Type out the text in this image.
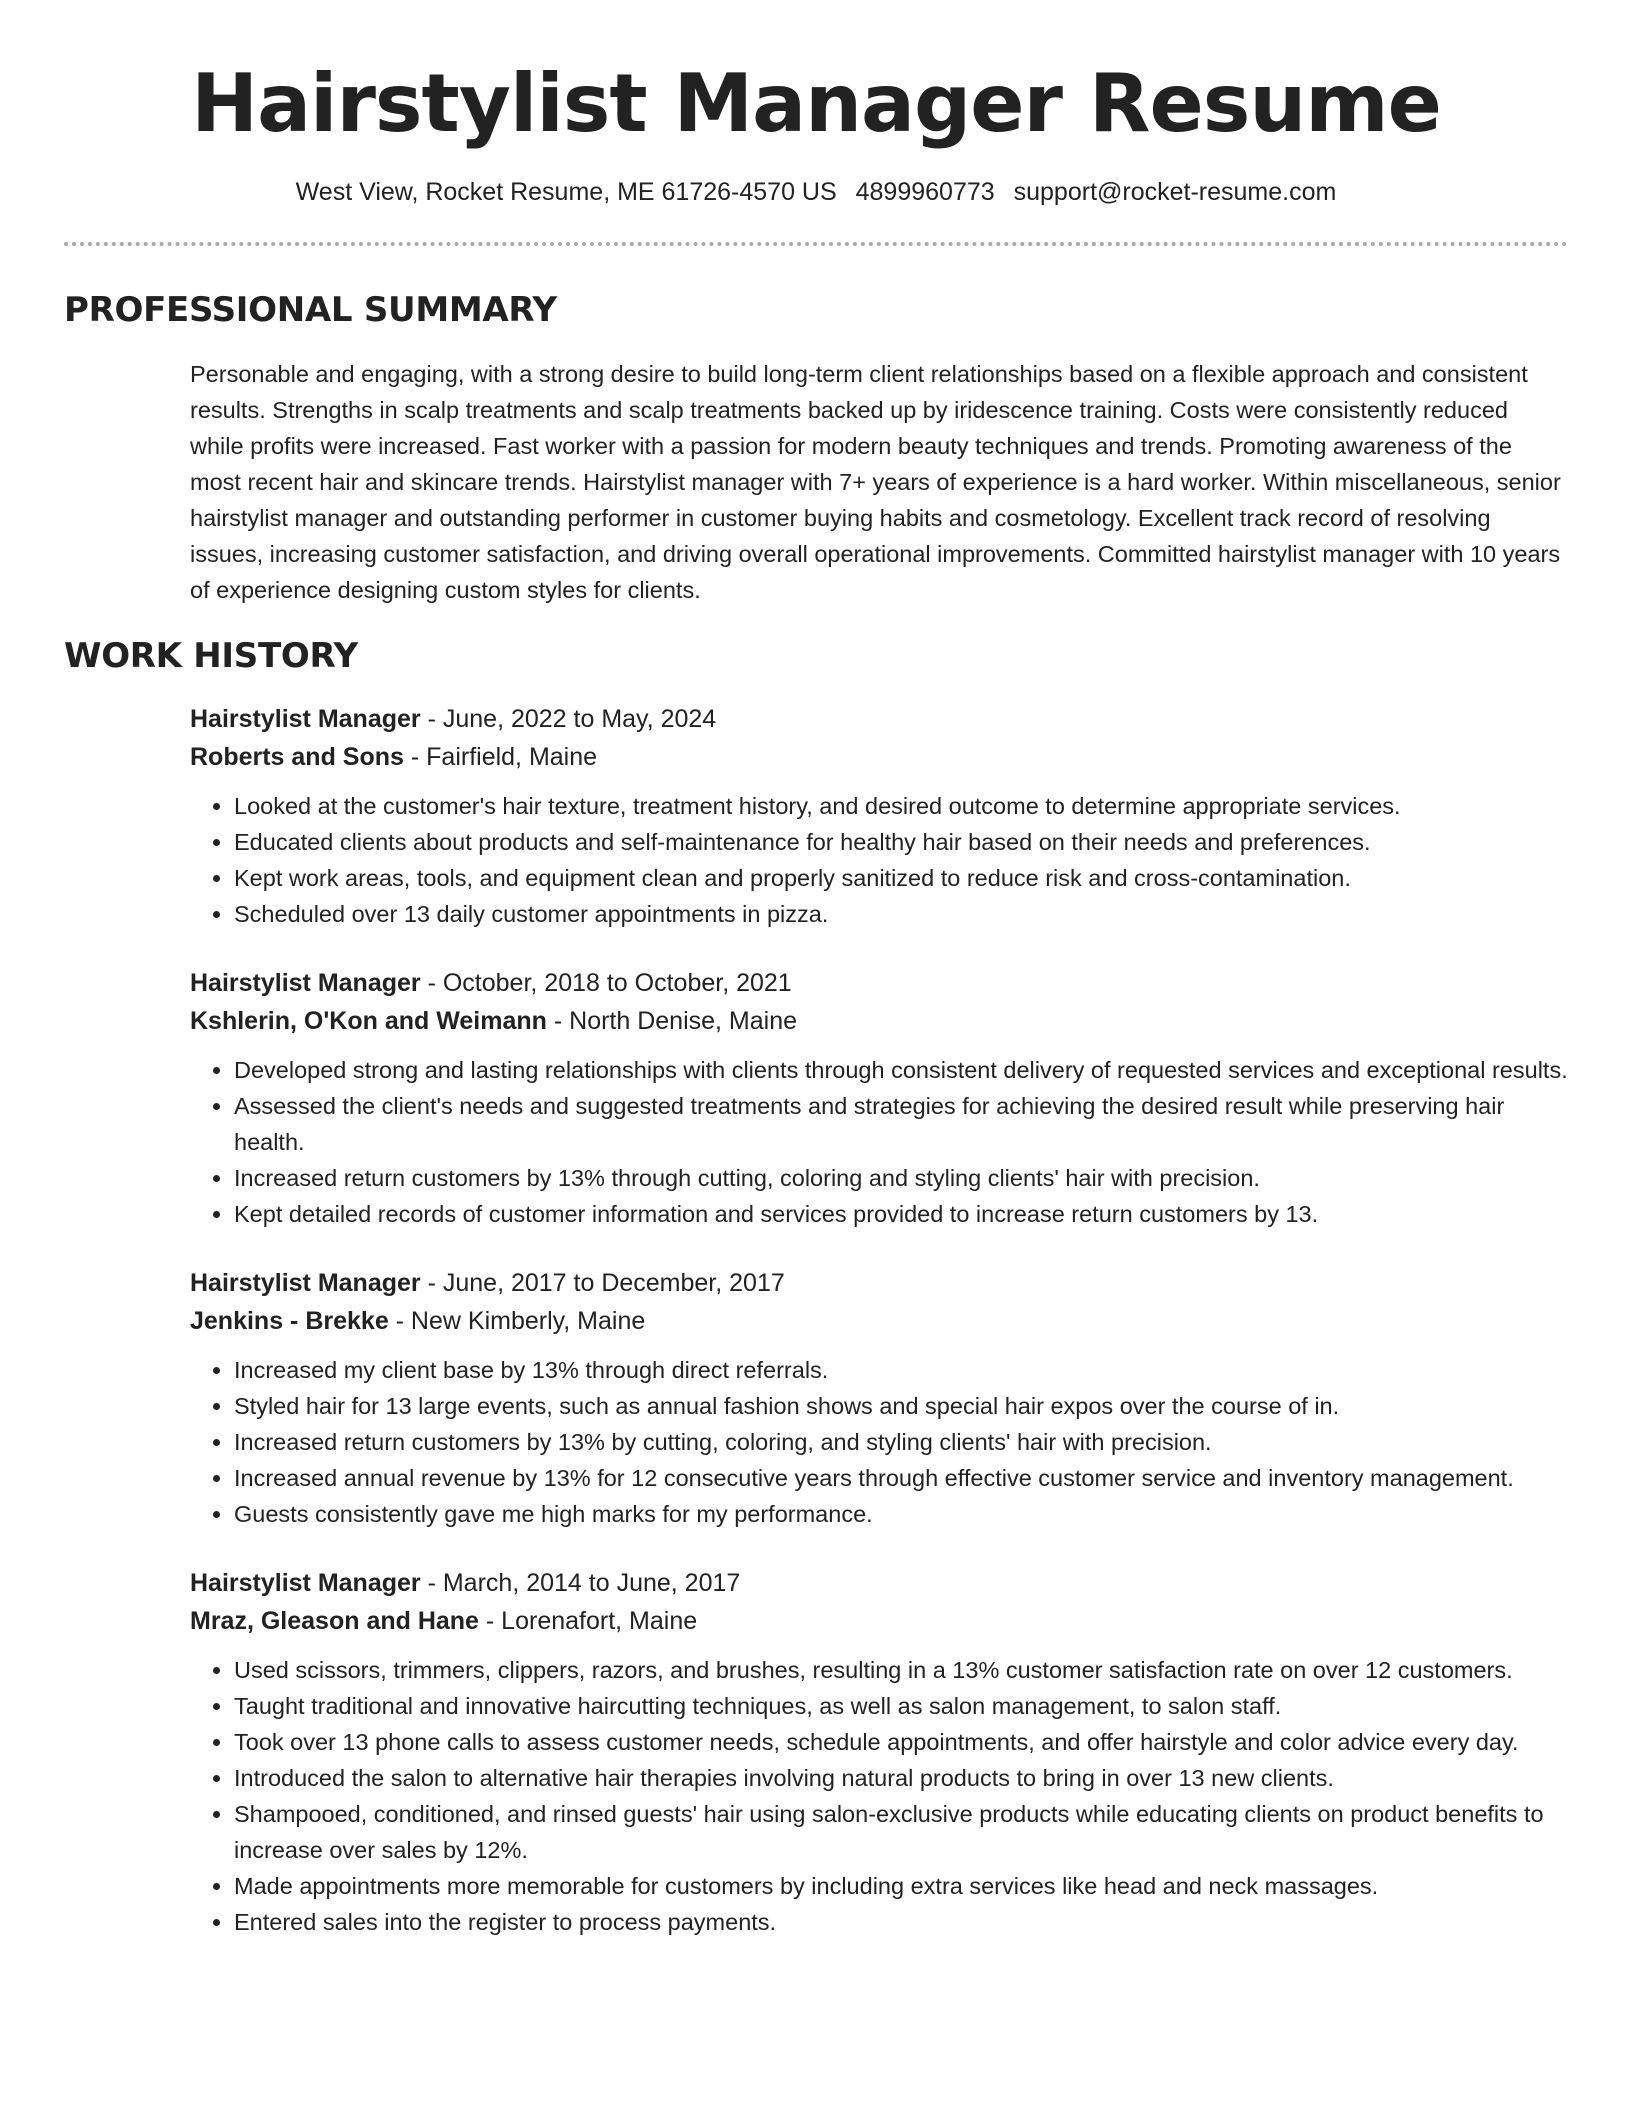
Hairstylist Manager Resume
West View, Rocket Resume, ME 61726-4570 US 4899960773 support@rocket-resume.com
PROFESSIONAL SUMMARY

Personable and engaging, with a strong desire to build long-term client relationships based on a flexible approach and consistent results. Strengths in scalp treatments and scalp treatments backed up by iridescence training. Costs were consistently reduced while profits were increased. Fast worker with a passion for modern beauty techniques and trends. Promoting awareness of the most recent hair and skincare trends. Hairstylist manager with 7+ years of experience is a hard worker. Within miscellaneous, senior hairstylist manager and outstanding performer in customer buying habits and cosmetology. Excellent track record of resolving issues, increasing customer satisfaction, and driving overall operational improvements. Committed hairstylist manager with 10 years of experience designing custom styles for clients.

WORK HISTORY

Hairstylist Manager - June, 2022 to May, 2024

Roberts and Sons - Fairfield, Maine

• Looked at the customer's hair texture, treatment history, and desired outcome to determine appropriate services.
• Educated clients about products and self-maintenance for healthy hair based on their needs and preferences.
• Kept work areas, tools, and equipment clean and properly sanitized to reduce risk and cross-contamination.
• Scheduled over 13 daily customer appointments in pizza.

Hairstylist Manager - October, 2018 to October, 2021

Kshlerin, O'Kon and Weimann - North Denise, Maine

• Developed strong and lasting relationships with clients through consistent delivery of requested services and exceptional results.
• Assessed the client's needs and suggested treatments and strategies for achieving the desired result while preserving hair health.
• Increased return customers by 13% through cutting, coloring and styling clients' hair with precision.
• Kept detailed records of customer information and services provided to increase return customers by 13.

Hairstylist Manager - June, 2017 to December, 2017

Jenkins - Brekke - New Kimberly, Maine

• Increased my client base by 13% through direct referrals.
• Styled hair for 13 large events, such as annual fashion shows and special hair expos over the course of in.
• Increased return customers by 13% by cutting, coloring, and styling clients' hair with precision.
• Increased annual revenue by 13% for 12 consecutive years through effective customer service and inventory management.
• Guests consistently gave me high marks for my performance.

Hairstylist Manager - March, 2014 to June, 2017

Mraz, Gleason and Hane - Lorenafort, Maine

• Used scissors, trimmers, clippers, razors, and brushes, resulting in a 13% customer satisfaction rate on over 12 customers.
• Taught traditional and innovative haircutting techniques, as well as salon management, to salon staff.
• Took over 13 phone calls to assess customer needs, schedule appointments, and offer hairstyle and color advice every day.
• Introduced the salon to alternative hair therapies involving natural products to bring in over 13 new clients.
• Shampooed, conditioned, and rinsed guests' hair using salon-exclusive products while educating clients on product benefits to increase over sales by 12%.
• Made appointments more memorable for customers by including extra services like head and neck massages.
• Entered sales into the register to process payments.
